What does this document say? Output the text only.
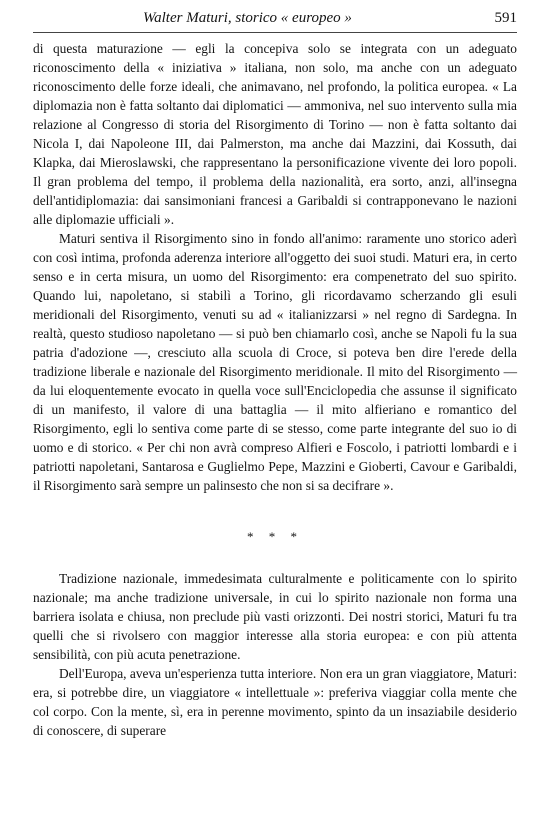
Walter Maturi, storico « europeo »	591

di questa maturazione — egli la concepiva solo se integrata con un adeguato riconoscimento della « iniziativa » italiana, non solo, ma anche con un adeguato riconoscimento delle forze ideali, che animavano, nel profondo, la politica europea. « La diplomazia non è fatta soltanto dai diplomatici — ammoniva, nel suo intervento sulla mia relazione al Congresso di storia del Risorgimento di Torino — non è fatta soltanto dai Nicola I, dai Napoleone III, dai Palmerston, ma anche dai Mazzini, dai Kossuth, dai Klapka, dai Mieroslawski, che rappresentano la personificazione vivente dei loro popoli. Il gran problema del tempo, il problema della nazionalità, era sorto, anzi, all'insegna dell'antidiplomazia: dai sansimoniani francesi a Garibaldi si contrapponevano le nazioni alle diplomazie ufficiali ».

Maturi sentiva il Risorgimento sino in fondo all'animo: raramente uno storico aderì con così intima, profonda aderenza interiore all'oggetto dei suoi studi. Maturi era, in certo senso e in certa misura, un uomo del Risorgimento: era compenetrato del suo spirito. Quando lui, napoletano, si stabilì a Torino, gli ricordavamo scherzando gli esuli meridionali del Risorgimento, venuti su ad « italianizzarsi » nel regno di Sardegna. In realtà, questo studioso napoletano — si può ben chiamarlo così, anche se Napoli fu la sua patria d'adozione —, cresciuto alla scuola di Croce, si poteva ben dire l'erede della tradizione liberale e nazionale del Risorgimento meridionale. Il mito del Risorgimento — da lui eloquentemente evocato in quella voce sull'Enciclopedia che assunse il significato di un manifesto, il valore di una battaglia — il mito alfieriano e romantico del Risorgimento, egli lo sentiva come parte di se stesso, come parte integrante del suo io di uomo e di storico. « Per chi non avrà compreso Alfieri e Foscolo, i patriotti lombardi e i patriotti napoletani, Santarosa e Guglielmo Pepe, Mazzini e Gioberti, Cavour e Garibaldi, il Risorgimento sarà sempre un palinsesto che non si sa decifrare ».

* * *

Tradizione nazionale, immedesimata culturalmente e politicamente con lo spirito nazionale; ma anche tradizione universale, in cui lo spirito nazionale non forma una barriera isolata e chiusa, non preclude più vasti orizzonti. Dei nostri storici, Maturi fu tra quelli che si rivolsero con maggior interesse alla storia europea: e con più attenta sensibilità, con più acuta penetrazione.

Dell'Europa, aveva un'esperienza tutta interiore. Non era un gran viaggiatore, Maturi: era, si potrebbe dire, un viaggiatore « intellettuale »: preferiva viaggiar colla mente che col corpo. Con la mente, sì, era in perenne movimento, spinto da un insaziabile desiderio di conoscere, di superare
